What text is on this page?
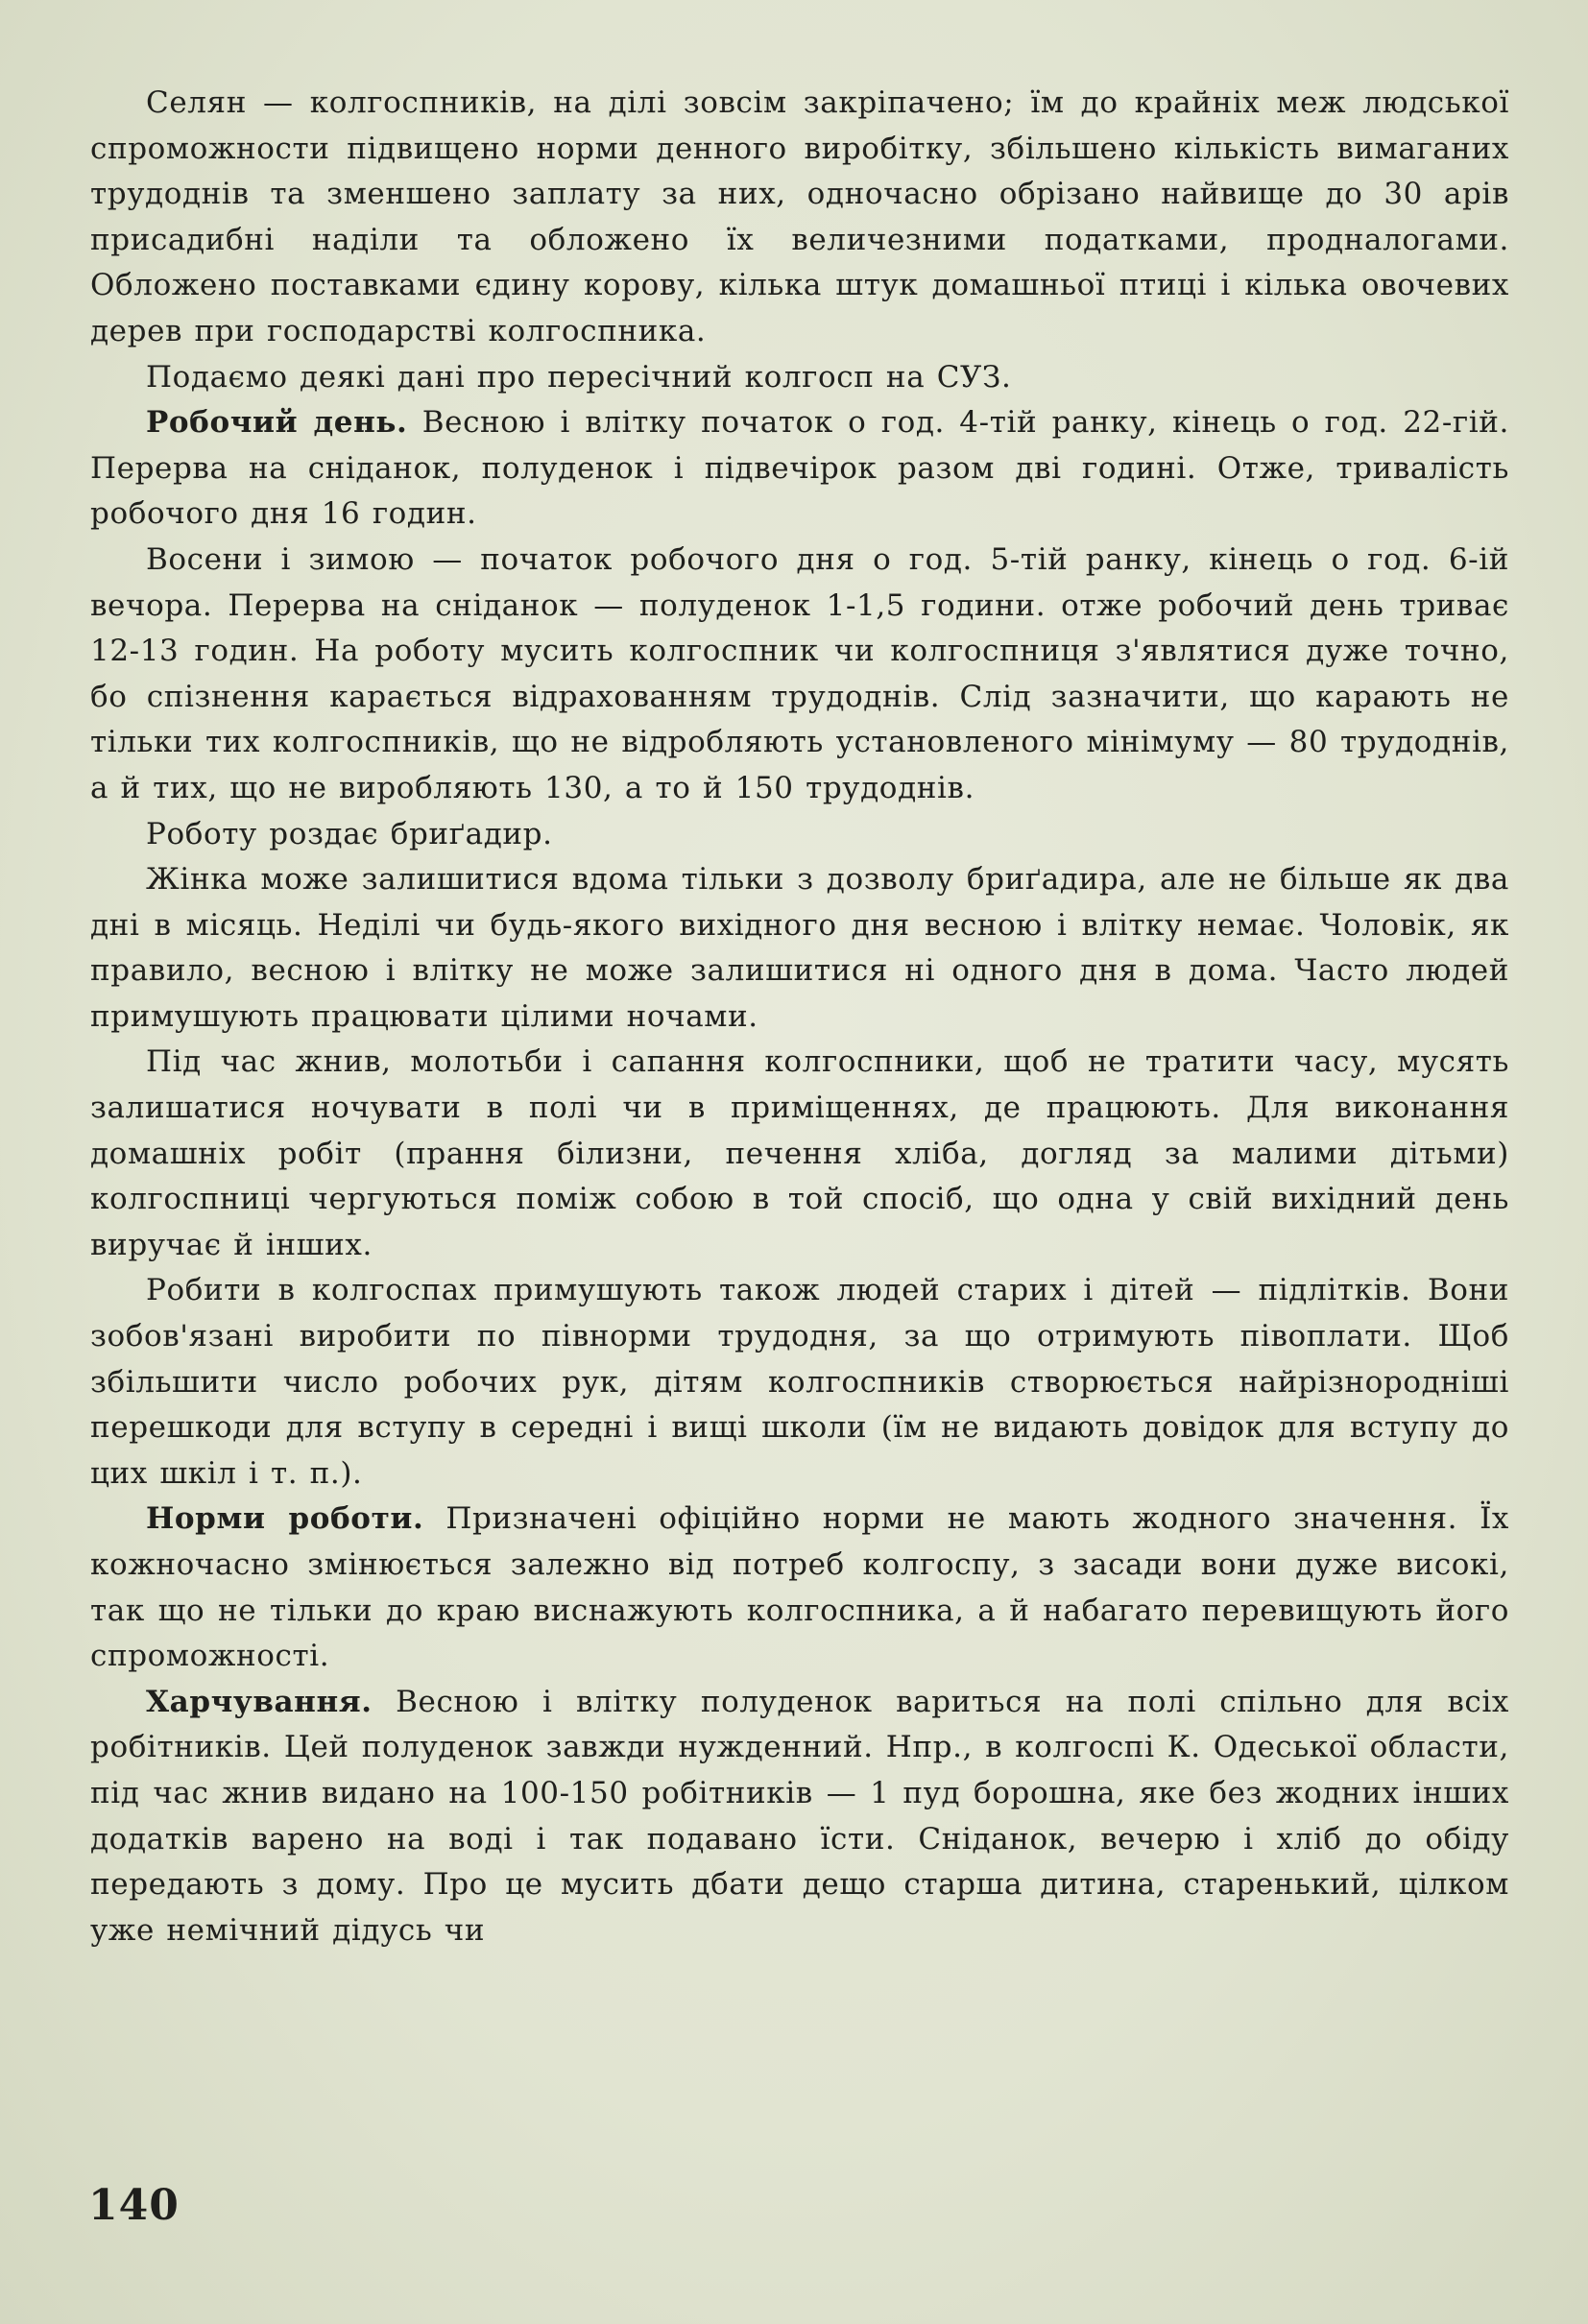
Селян — колгоспників, на ділі зовсім закріпачено; їм до крайніх меж людської спроможности підвищено норми денного виробітку, збільшено кількість вимаганих трудоднів та зменшено заплату за них, одночасно обрізано найвище до 30 арів присадибні наділи та обложено їх величезними податками, продналогами. Обложено поставками єдину корову, кілька штук домашньої птиці і кілька овочевих дерев при господарстві колгоспника.

Подаємо деякі дані про пересічний колгосп на СУЗ.

Робочий день. Весною і влітку початок о год. 4-тій ранку, кінець о год. 22-гій. Перерва на сніданок, полуденок і підвечірок разом дві годині. Отже, тривалість робочого дня 16 годин.

Восени і зимою — початок робочого дня о год. 5-тій ранку, кінець о год. 6-ій вечора. Перерва на сніданок — полуденок 1-1,5 години. отже робочий день триває 12-13 годин. На роботу мусить колгоспник чи колгоспниця з'являтися дуже точно, бо спізнення карається відрахованням трудоднів. Слід зазначити, що карають не тільки тих колгоспників, що не відробляють установленого мінімуму — 80 трудоднів, а й тих, що не виробляють 130, а то й 150 трудоднів.

Роботу роздає бриґадир.

Жінка може залишитися вдома тільки з дозволу бриґадира, але не більше як два дні в місяць. Неділі чи будь-якого вихідного дня весною і влітку немає. Чоловік, як правило, весною і влітку не може залишитися ні одного дня в дома. Часто людей примушують працювати цілими ночами.

Під час жнив, молотьби і сапання колгоспники, щоб не тратити часу, мусять залишатися ночувати в полі чи в приміщеннях, де працюють. Для виконання домашніх робіт (прання білизни, печення хліба, догляд за малими дітьми) колгоспниці чергуються поміж собою в той спосіб, що одна у свій вихідний день виручає й інших.

Робити в колгоспах примушують також людей старих і дітей — підлітків. Вони зобов'язані виробити по півнорми трудодня, за що отримують півоплати. Щоб збільшити число робочих рук, дітям колгоспників створюється найрізнородніші перешкоди для вступу в середні і вищі школи (їм не видають довідок для вступу до цих шкіл і т. п.).

Норми роботи. Призначені офіційно норми не мають жодного значення. Їх кожночасно змінюється залежно від потреб колгоспу, з засади вони дуже високі, так що не тільки до краю виснажують колгоспника, а й набагато перевищують його спроможності.

Харчування. Весною і влітку полуденок вариться на полі спільно для всіх робітників. Цей полуденок завжди нужденний. Нпр., в колгоспі К. Одеської области, під час жнив видано на 100-150 робітників — 1 пуд борошна, яке без жодних інших додатків варено на воді і так подавано їсти. Сніданок, вечерю і хліб до обіду передають з дому. Про це мусить дбати дещо старша дитина, старенький, цілком уже немічний дідусь чи

140
